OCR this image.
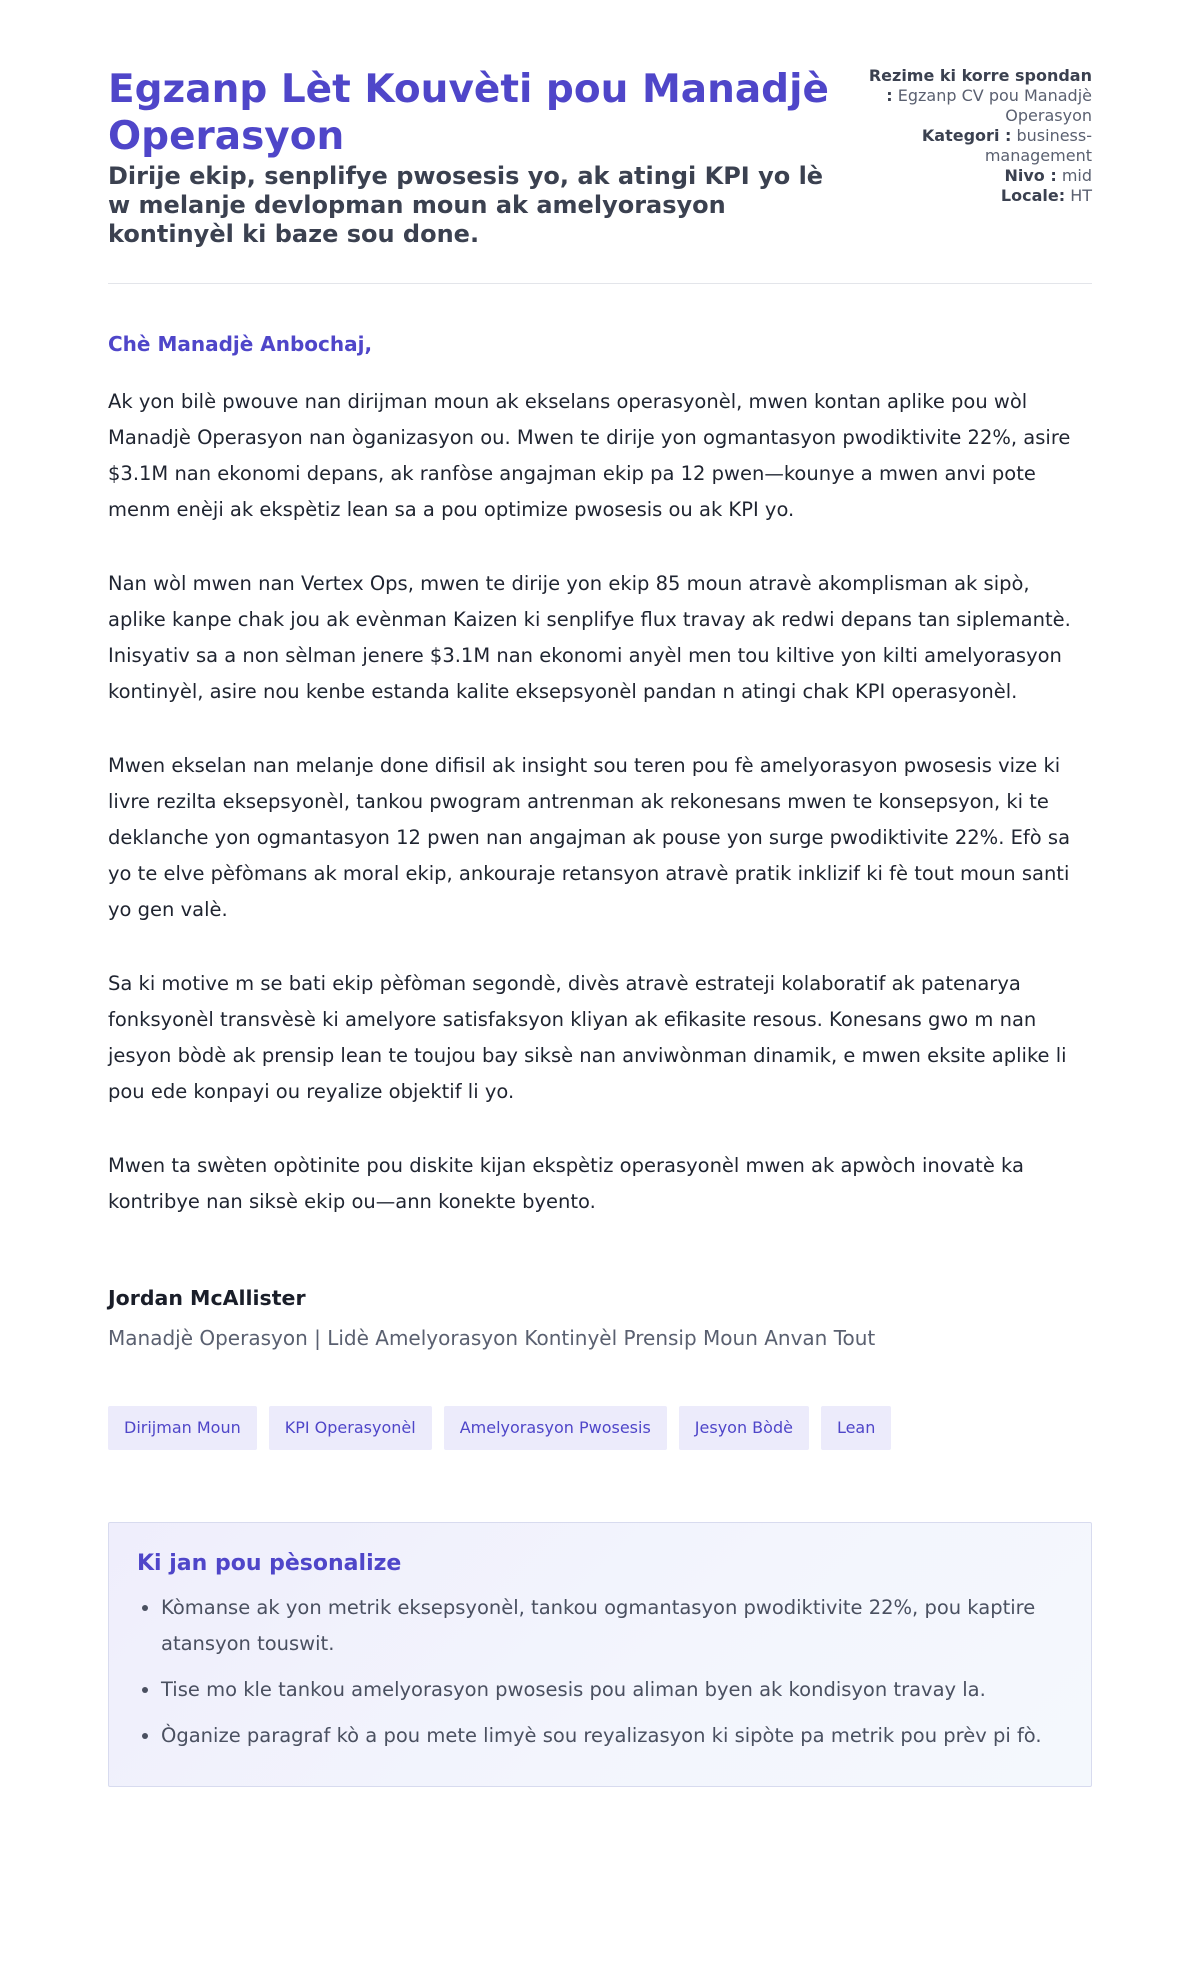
Egzanp Lèt Kouvèti pou Manadjè Operasyon

Dirije ekip, senplifye pwosesis yo, ak atingi KPI yo lè w melanje devlopman moun ak amelyorasyon kontinyèl ki baze sou done.

Rezime ki korre spondan : Egzanp CV pou Manadjè Operasyon
Kategori : business-management
Nivo : mid
Locale: HT

Chè Manadjè Anbochaj,

Ak yon bilè pwouve nan dirijman moun ak ekselans operasyonèl, mwen kontan aplike pou wòl Manadjè Operasyon nan òganizasyon ou. Mwen te dirije yon ogmantasyon pwodiktivite 22%, asire $3.1M nan ekonomi depans, ak ranfòse angajman ekip pa 12 pwen—kounye a mwen anvi pote menm enèji ak ekspètiz lean sa a pou optimize pwosesis ou ak KPI yo.

Nan wòl mwen nan Vertex Ops, mwen te dirije yon ekip 85 moun atravè akomplisman ak sipò, aplike kanpe chak jou ak evènman Kaizen ki senplifye flux travay ak redwi depans tan siplemantè. Inisyativ sa a non sèlman jenere $3.1M nan ekonomi anyèl men tou kiltive yon kilti amelyorasyon kontinyèl, asire nou kenbe estanda kalite eksepsyonèl pandan n atingi chak KPI operasyonèl.

Mwen ekselan nan melanje done difisil ak insight sou teren pou fè amelyorasyon pwosesis vize ki livre rezilta eksepsyonèl, tankou pwogram antrenman ak rekonesans mwen te konsepsyon, ki te deklanche yon ogmantasyon 12 pwen nan angajman ak pouse yon surge pwodiktivite 22%. Efò sa yo te elve pèfòmans ak moral ekip, ankouraje retansyon atravè pratik inklizif ki fè tout moun santi yo gen valè.

Sa ki motive m se bati ekip pèfòman segondè, divès atravè estrateji kolaboratif ak patenarya fonksyonèl transvèsè ki amelyore satisfaksyon kliyan ak efikasite resous. Konesans gwo m nan jesyon bòdè ak prensip lean te toujou bay siksè nan anviwònman dinamik, e mwen eksite aplike li pou ede konpayi ou reyalize objektif li yo.

Mwen ta swèten opòtinite pou diskite kijan ekspètiz operasyonèl mwen ak apwòch inovatè ka kontribye nan siksè ekip ou—ann konekte byento.

Jordan McAllister

Manadjè Operasyon | Lidè Amelyorasyon Kontinyèl Prensip Moun Anvan Tout

Dirijman Moun	KPI Operasyonèl	Amelyorasyon Pwosesis	Jesyon Bòdè	Lean
Ki jan pou pèsonalize
• Kòmanse ak yon metrik eksepsyonèl, tankou ogmantasyon pwodiktivite 22%, pou kaptire atansyon touswit.
• Tise mo kle tankou amelyorasyon pwosesis pou aliman byen ak kondisyon travay la.
• Òganize paragraf kò a pou mete limyè sou reyalizasyon ki sipòte pa metrik pou prèv pi fò.
